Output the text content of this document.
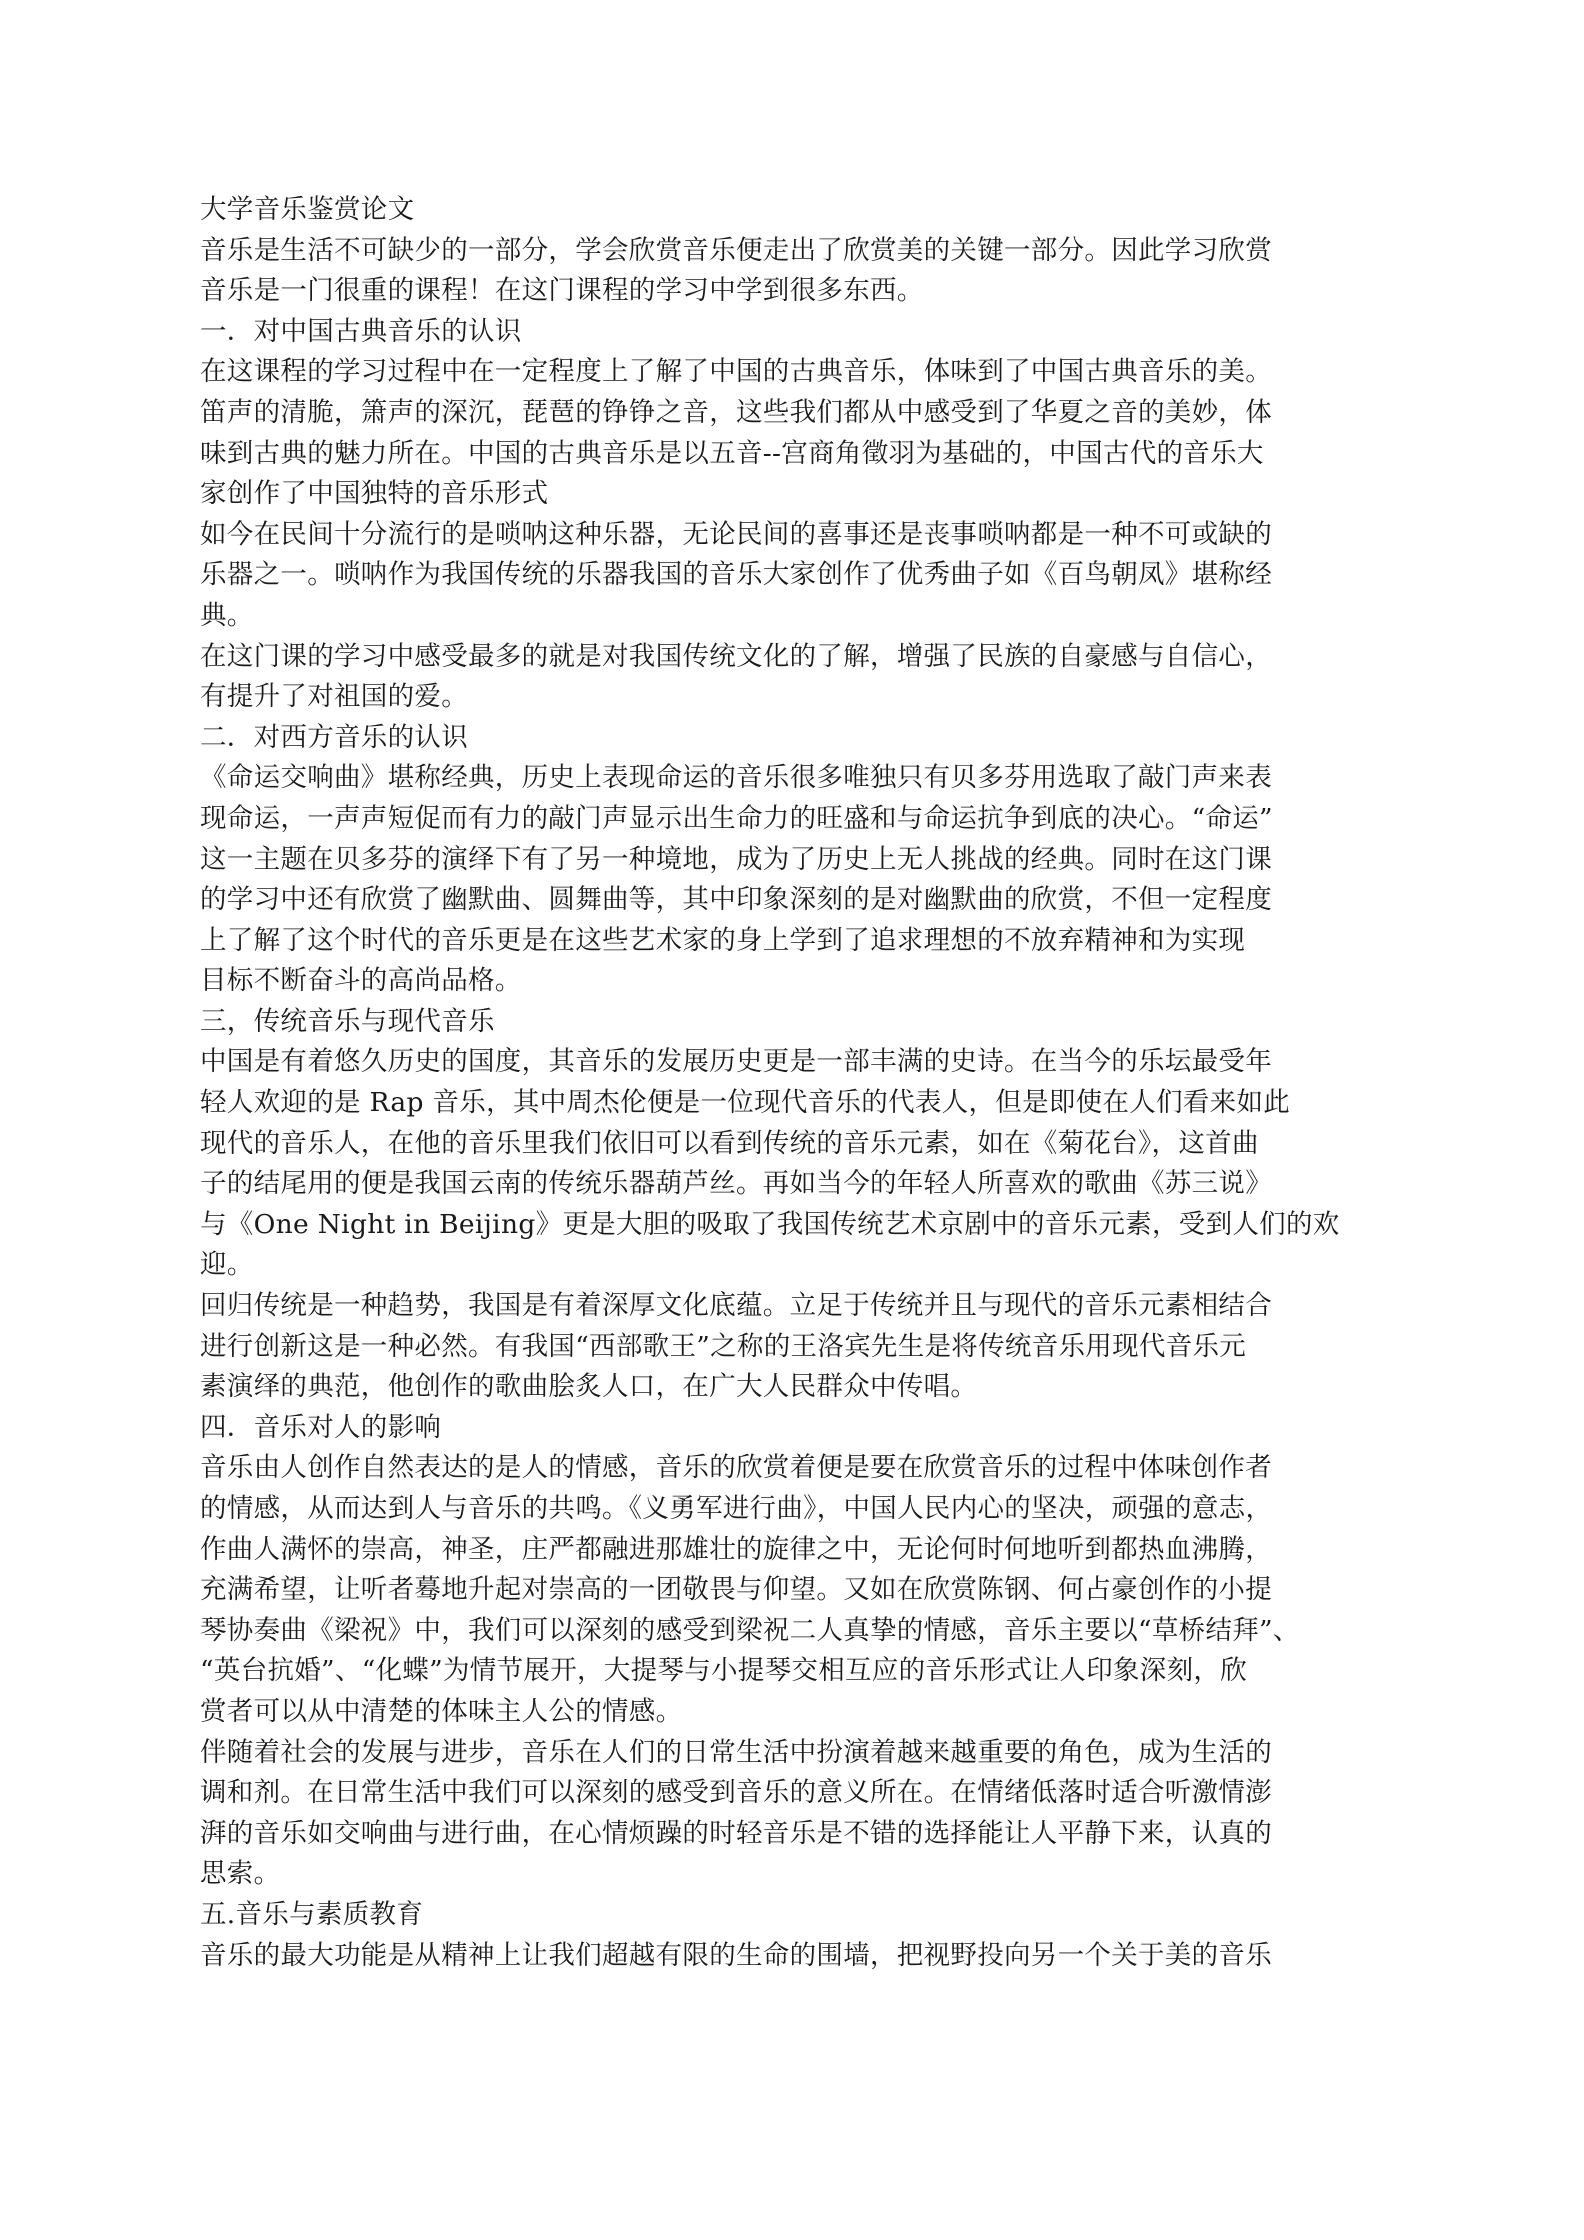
大学音乐鉴赏论文
音乐是生活不可缺少的一部分，学会欣赏音乐便走出了欣赏美的关键一部分。因此学习欣赏
音乐是一门很重的课程！在这门课程的学习中学到很多东西。
一．对中国古典音乐的认识
在这课程的学习过程中在一定程度上了解了中国的古典音乐，体味到了中国古典音乐的美。
笛声的清脆，箫声的深沉，琵琶的铮铮之音，这些我们都从中感受到了华夏之音的美妙，体
味到古典的魅力所在。中国的古典音乐是以五音--宫商角徵羽为基础的，中国古代的音乐大
家创作了中国独特的音乐形式
如今在民间十分流行的是唢呐这种乐器，无论民间的喜事还是丧事唢呐都是一种不可或缺的
乐器之一。唢呐作为我国传统的乐器我国的音乐大家创作了优秀曲子如《百鸟朝凤》堪称经
典。
在这门课的学习中感受最多的就是对我国传统文化的了解，增强了民族的自豪感与自信心，
有提升了对祖国的爱。
二．对西方音乐的认识
《命运交响曲》堪称经典，历史上表现命运的音乐很多唯独只有贝多芬用选取了敲门声来表
现命运，一声声短促而有力的敲门声显示出生命力的旺盛和与命运抗争到底的决心。“命运”
这一主题在贝多芬的演绎下有了另一种境地，成为了历史上无人挑战的经典。同时在这门课
的学习中还有欣赏了幽默曲、圆舞曲等，其中印象深刻的是对幽默曲的欣赏，不但一定程度
上了解了这个时代的音乐更是在这些艺术家的身上学到了追求理想的不放弃精神和为实现
目标不断奋斗的高尚品格。
三，传统音乐与现代音乐
中国是有着悠久历史的国度，其音乐的发展历史更是一部丰满的史诗。在当今的乐坛最受年
轻人欢迎的是 Rap 音乐，其中周杰伦便是一位现代音乐的代表人，但是即使在人们看来如此
现代的音乐人，在他的音乐里我们依旧可以看到传统的音乐元素，如在《菊花台》，这首曲
子的结尾用的便是我国云南的传统乐器葫芦丝。再如当今的年轻人所喜欢的歌曲《苏三说》
与《One Night in Beijing》更是大胆的吸取了我国传统艺术京剧中的音乐元素，受到人们的欢
迎。
回归传统是一种趋势，我国是有着深厚文化底蕴。立足于传统并且与现代的音乐元素相结合
进行创新这是一种必然。有我国“西部歌王”之称的王洛宾先生是将传统音乐用现代音乐元
素演绎的典范，他创作的歌曲脍炙人口，在广大人民群众中传唱。
四．音乐对人的影响
音乐由人创作自然表达的是人的情感，音乐的欣赏着便是要在欣赏音乐的过程中体味创作者
的情感，从而达到人与音乐的共鸣。《义勇军进行曲》，中国人民内心的坚决，顽强的意志，
作曲人满怀的崇高，神圣，庄严都融进那雄壮的旋律之中，无论何时何地听到都热血沸腾，
充满希望，让听者蓦地升起对崇高的一团敬畏与仰望。又如在欣赏陈钢、何占豪创作的小提
琴协奏曲《梁祝》中，我们可以深刻的感受到梁祝二人真挚的情感，音乐主要以“草桥结拜”、
“英台抗婚”、“化蝶”为情节展开，大提琴与小提琴交相互应的音乐形式让人印象深刻，欣
赏者可以从中清楚的体味主人公的情感。
伴随着社会的发展与进步，音乐在人们的日常生活中扮演着越来越重要的角色，成为生活的
调和剂。在日常生活中我们可以深刻的感受到音乐的意义所在。在情绪低落时适合听激情澎
湃的音乐如交响曲与进行曲，在心情烦躁的时轻音乐是不错的选择能让人平静下来，认真的
思索。
五.音乐与素质教育
音乐的最大功能是从精神上让我们超越有限的生命的围墙，把视野投向另一个关于美的音乐
